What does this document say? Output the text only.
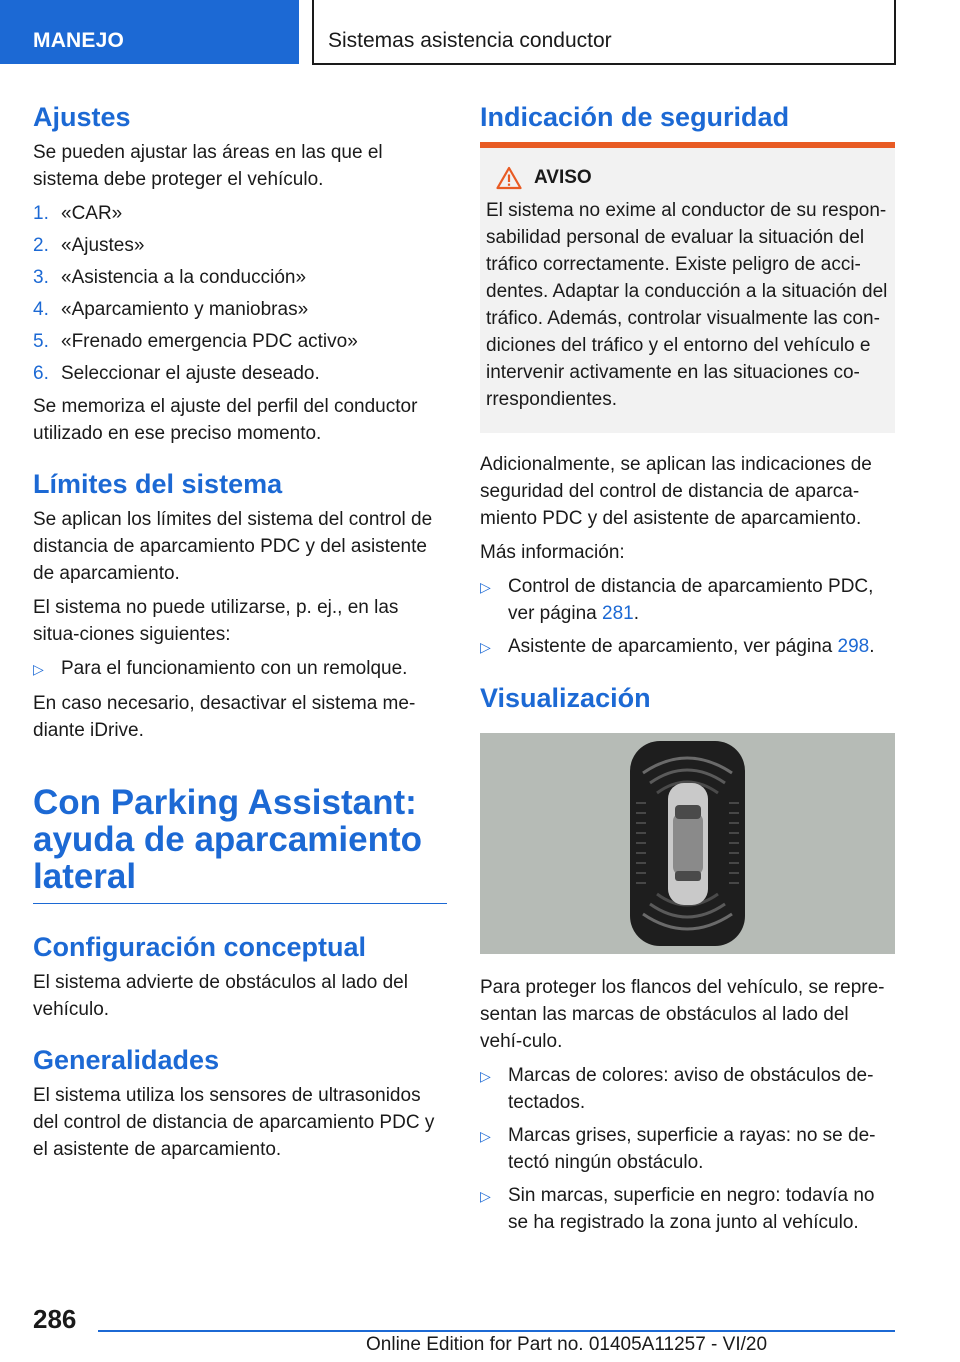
MANEJO	Sistemas asistencia conductor
Ajustes

Se pueden ajustar las áreas en las que el sistema debe proteger el vehículo.

1. «CAR»
2. «Ajustes»
3. «Asistencia a la conducción»
4. «Aparcamiento y maniobras»
5. «Frenado emergencia PDC activo»
6. Seleccionar el ajuste deseado.

Se memoriza el ajuste del perfil del conductor utilizado en ese preciso momento.

Límites del sistema

Se aplican los límites del sistema del control de distancia de aparcamiento PDC y del asistente de aparcamiento.

El sistema no puede utilizarse, p. ej., en las situa-ciones siguientes:

▷ Para el funcionamiento con un remolque.

En caso necesario, desactivar el sistema me-diante iDrive.

Con Parking Assistant: ayuda de aparcamiento lateral
Configuración conceptual

El sistema advierte de obstáculos al lado del vehículo.

Generalidades

El sistema utiliza los sensores de ultrasonidos del control de distancia de aparcamiento PDC y el asistente de aparcamiento.

Indicación de seguridad
AVISO

El sistema no exime al conductor de su respon-sabilidad personal de evaluar la situación del tráfico correctamente. Existe peligro de acci-dentes. Adaptar la conducción a la situación del tráfico. Además, controlar visualmente las con-diciones del tráfico y el entorno del vehículo e intervenir activamente en las situaciones co-rrespondientes.

Adicionalmente, se aplican las indicaciones de seguridad del control de distancia de aparca-miento PDC y del asistente de aparcamiento.

Más información:

▷ Control de distancia de aparcamiento PDC, ver página 281.
▷ Asistente de aparcamiento, ver página 298.
Visualización

Para proteger los flancos del vehículo, se repre-sentan las marcas de obstáculos al lado del vehí-culo.

▷ Marcas de colores: aviso de obstáculos de-tectados.
▷ Marcas grises, superficie a rayas: no se de-tectó ningún obstáculo.
▷ Sin marcas, superficie en negro: todavía no se ha registrado la zona junto al vehículo.
286
Online Edition for Part no. 01405A11257 - VI/20
